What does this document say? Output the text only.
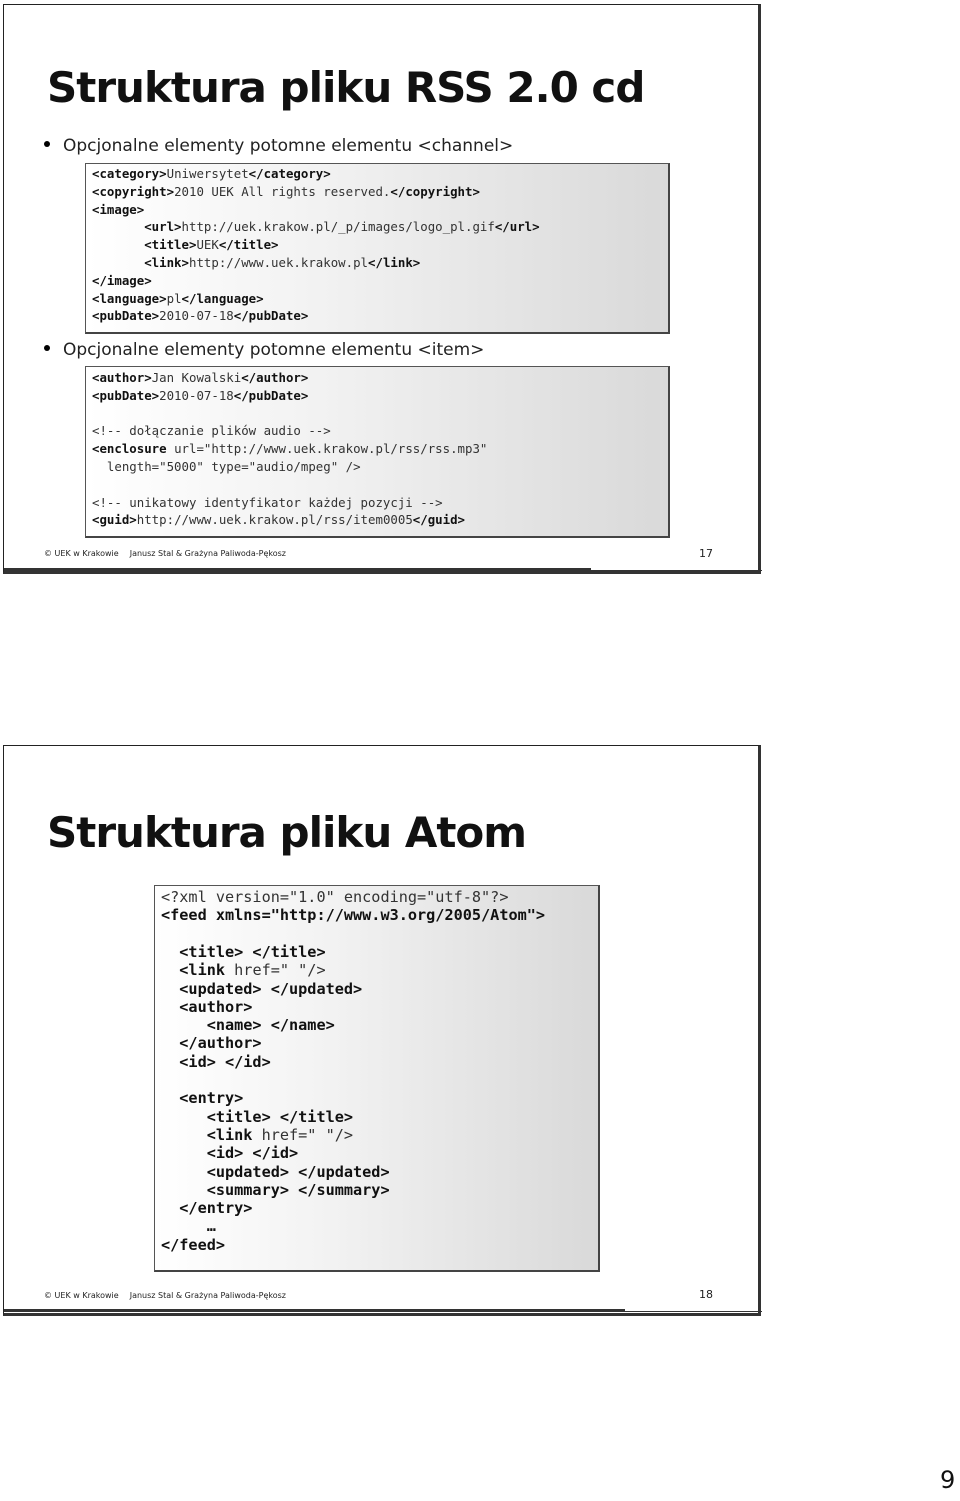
Struktura pliku RSS 2.0 cd
Opcjonalne elementy potomne elementu <channel>
<category>Uniwersytet</category>
<copyright>2010 UEK All rights reserved.</copyright>
<image>
<url>http://uek.krakow.pl/_p/images/logo_pl.gif</url>
<title>UEK</title>
<link>http://www.uek.krakow.pl</link>
</image>
<language>pl</language>
<pubDate>2010-07-18</pubDate>
Opcjonalne elementy potomne elementu <item>
<author>Jan Kowalski</author>
<pubDate>2010-07-18</pubDate>
<!-- dołączanie plików audio -->
<enclosure url="http://www.uek.krakow.pl/rss/rss.mp3"
length="5000" type="audio/mpeg" />
<!-- unikatowy identyfikator każdej pozycji -->
<guid>http://www.uek.krakow.pl/rss/item0005</guid>
© UEK w Krakowie Janusz Stal & Grażyna Paliwoda-Pękosz	17
Struktura pliku Atom
<?xml version="1.0" encoding="utf-8"?>
<feed xmlns="http://www.w3.org/2005/Atom">
<title> </title>
<link href=" "/>
<updated> </updated>
<author>
<name> </name>
</author>
<id> </id>
<entry>
<title> </title>
<link href=" "/>
<id> </id>
<updated> </updated>
<summary> </summary>
</entry>
…
</feed>
© UEK w Krakowie Janusz Stal & Grażyna Paliwoda-Pękosz	18
9
